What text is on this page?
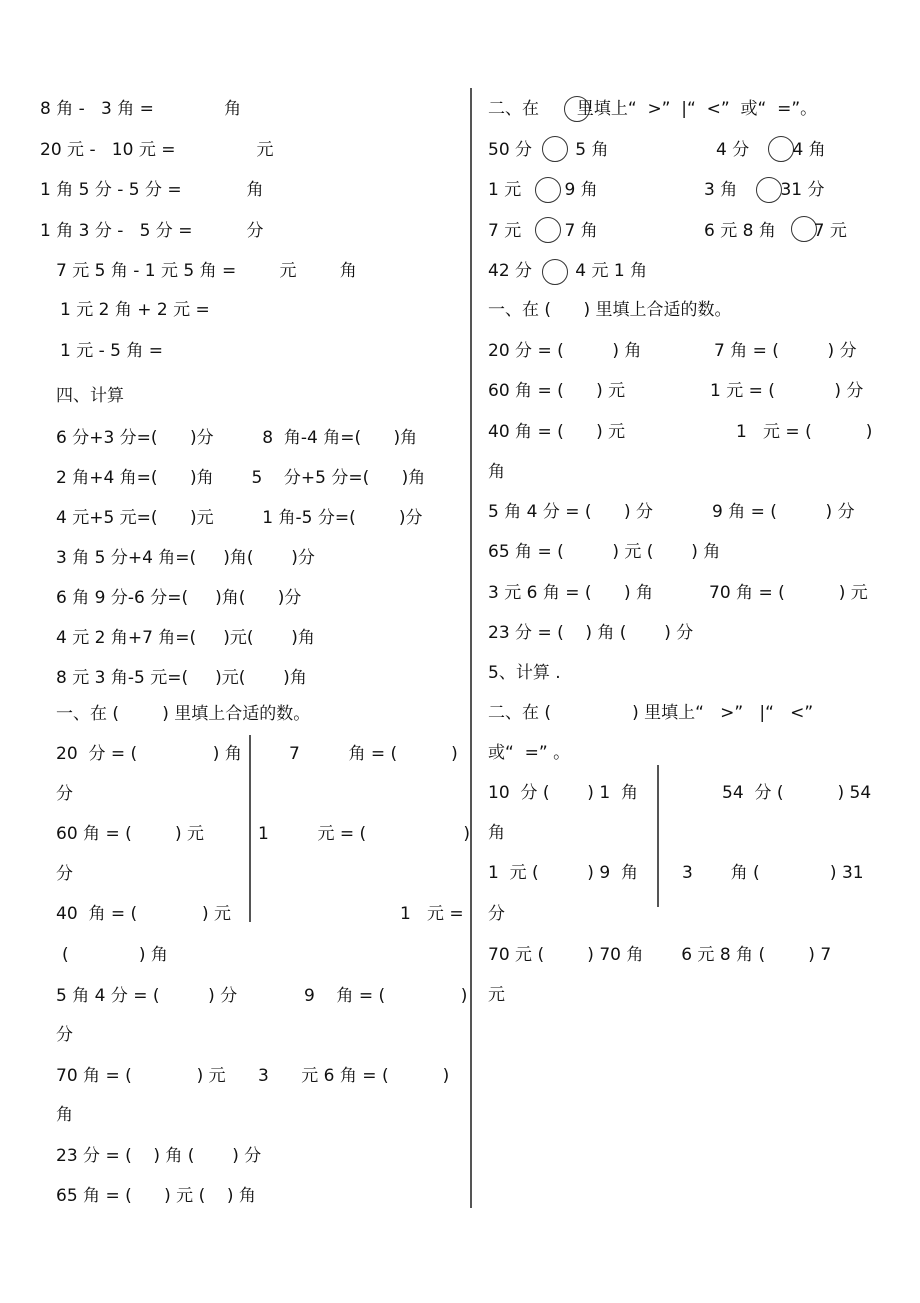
8 角 -   3 角 =             角
20 元 -   10 元 =               元
1 角 5 分 - 5 分 =            角
1 角 3 分 -   5 分 =          分
7 元 5 角 - 1 元 5 角 =        元        角
1 元 2 角 + 2 元 =
1 元 - 5 角 =
四、计算
6 分+3 分=(      )分         8  角-4 角=(      )角
2 角+4 角=(      )角       5    分+5 分=(      )角
4 元+5 元=(      )元         1 角-5 分=(        )分
3 角 5 分+4 角=(     )角(       )分
6 角 9 分-6 分=(     )角(      )分
4 元 2 角+7 角=(     )元(       )角
8 元 3 角-5 元=(     )元(       )角
一、在 (        ) 里填上合适的数。
20  分 = (              ) 角	7         角 = (          )
分
60 角 = (        ) 元	1         元 = (                  )
分
40  角 = (            ) 元	1   元 =
(             ) 角
5 角 4 分 = (         ) 分	9    角 = (              )
分
70 角 = (            ) 元      3      元 6 角 = (          )
角
23 分 = (    ) 角 (       ) 分
65 角 = (      ) 元 (    ) 角
二、在       里填上“  >”  |“  <”  或“  =”。
50 分        5 角	4 分        4 角
1 元        9 角	3 角        31 分
7 元        7 角	6 元 8 角       7 元
42 分        4 元 1 角
一、在 (      ) 里填上合适的数。
20 分 = (         ) 角	7 角 = (         ) 分
60 角 = (      ) 元	1 元 = (           ) 分
40 角 = (      ) 元	1   元 = (          )
角
5 角 4 分 = (      ) 分	9 角 = (         ) 分
65 角 = (         ) 元 (       ) 角
3 元 6 角 = (      ) 角	70 角 = (          ) 元
23 分 = (    ) 角 (       ) 分
5、计算 .
二、在 (               ) 里填上“   >”   |“   <”
或“  =” 。
10  分 (       ) 1  角	54  分 (          ) 54
角
1  元 (         ) 9  角	3       角 (             ) 31
分
70 元 (        ) 70 角       6 元 8 角 (        ) 7
元
